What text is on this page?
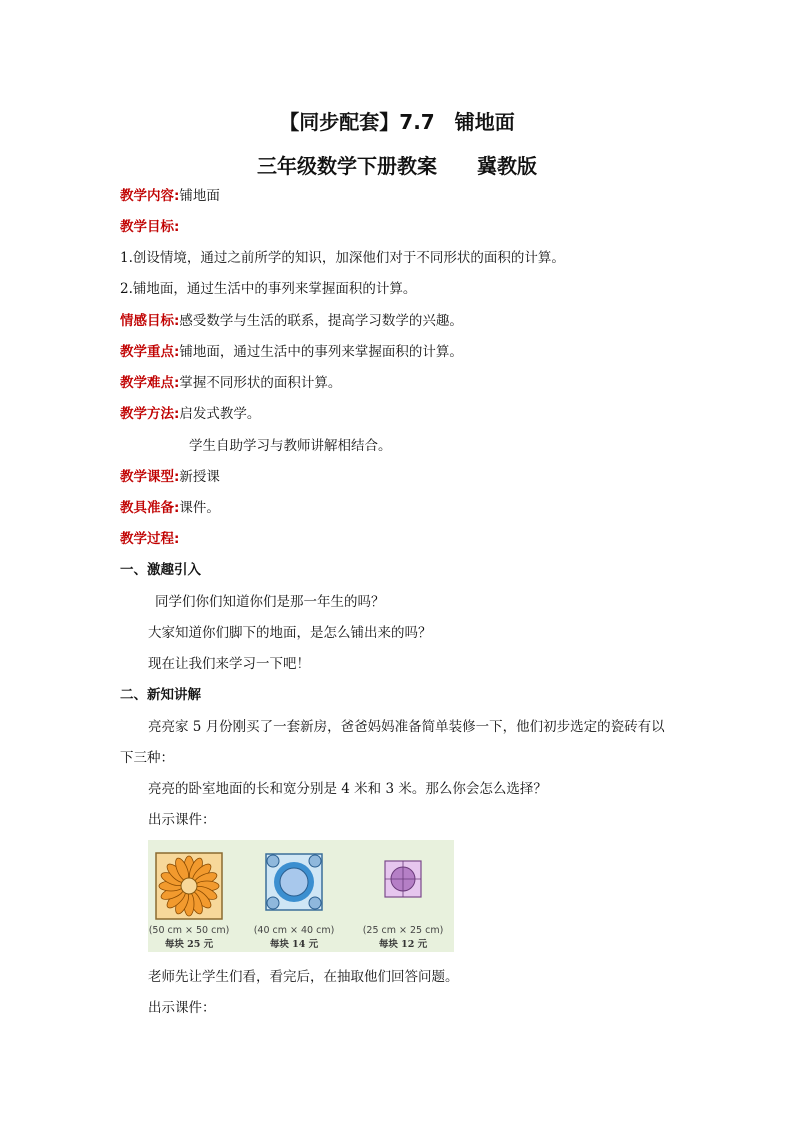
【同步配套】7.7　铺地面
三年级数学下册教案　　冀教版
教学内容:铺地面
教学目标:
1.创设情境，通过之前所学的知识，加深他们对于不同形状的面积的计算。
2.铺地面，通过生活中的事列来掌握面积的计算。
情感目标:感受数学与生活的联系，提高学习数学的兴趣。
教学重点:铺地面，通过生活中的事列来掌握面积的计算。
教学难点:掌握不同形状的面积计算。
教学方法:启发式教学。
学生自助学习与教师讲解相结合。
教学课型:新授课
教具准备:课件。
教学过程:
一、激趣引入
同学们你们知道你们是那一年生的吗？
大家知道你们脚下的地面，是怎么铺出来的吗？
现在让我们来学习一下吧！
二、新知讲解
亮亮家 5 月份刚买了一套新房，爸爸妈妈准备简单装修一下，他们初步选定的瓷砖有以
下三种：
亮亮的卧室地面的长和宽分别是 4 米和 3 米。那么你会怎么选择？
出示课件：
(50 cm × 50 cm)
每块 25 元
(40 cm × 40 cm)
每块 14 元
(25 cm × 25 cm)
每块 12 元
老师先让学生们看，看完后，在抽取他们回答问题。
出示课件：
